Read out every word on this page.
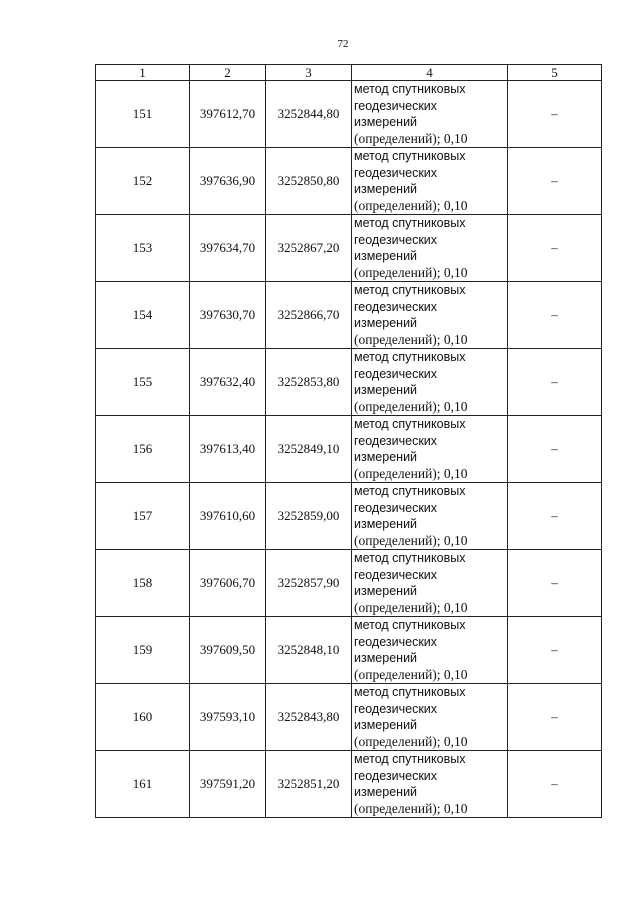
72
1	2	3	4	5
151	397612,70	3252844,80	метод спутниковых
геодезических
измерений
(определений); 0,10	–
152	397636,90	3252850,80	метод спутниковых
геодезических
измерений
(определений); 0,10	–
153	397634,70	3252867,20	метод спутниковых
геодезических
измерений
(определений); 0,10	–
154	397630,70	3252866,70	метод спутниковых
геодезических
измерений
(определений); 0,10	–
155	397632,40	3252853,80	метод спутниковых
геодезических
измерений
(определений); 0,10	–
156	397613,40	3252849,10	метод спутниковых
геодезических
измерений
(определений); 0,10	–
157	397610,60	3252859,00	метод спутниковых
геодезических
измерений
(определений); 0,10	–
158	397606,70	3252857,90	метод спутниковых
геодезических
измерений
(определений); 0,10	–
159	397609,50	3252848,10	метод спутниковых
геодезических
измерений
(определений); 0,10	–
160	397593,10	3252843,80	метод спутниковых
геодезических
измерений
(определений); 0,10	–
161	397591,20	3252851,20	метод спутниковых
геодезических
измерений
(определений); 0,10	–
